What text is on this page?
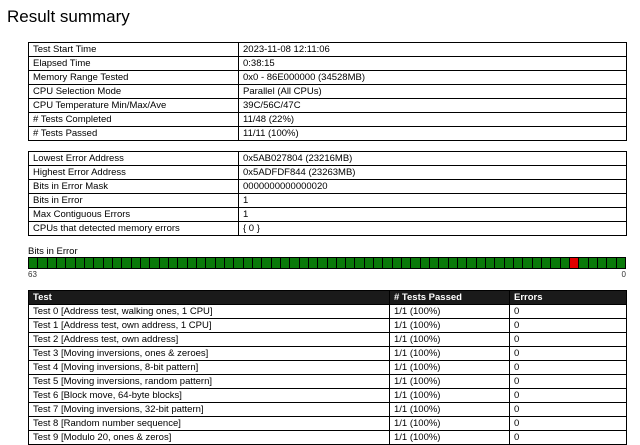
Result summary
Test Start Time	2023-11-08 12:11:06
Elapsed Time	0:38:15
Memory Range Tested	0x0 - 86E000000 (34528MB)
CPU Selection Mode	Parallel (All CPUs)
CPU Temperature Min/Max/Ave	39C/56C/47C
# Tests Completed	11/48 (22%)
# Tests Passed	11/11 (100%)
Lowest Error Address	0x5AB027804 (23216MB)
Highest Error Address	0x5ADFDF844 (23263MB)
Bits in Error Mask	0000000000000020
Bits in Error	1
Max Contiguous Errors	1
CPUs that detected memory errors	{ 0 }
Bits in Error
63	0
Test	# Tests Passed	Errors
Test 0 [Address test, walking ones, 1 CPU]	1/1 (100%)	0
Test 1 [Address test, own address, 1 CPU]	1/1 (100%)	0
Test 2 [Address test, own address]	1/1 (100%)	0
Test 3 [Moving inversions, ones & zeroes]	1/1 (100%)	0
Test 4 [Moving inversions, 8-bit pattern]	1/1 (100%)	0
Test 5 [Moving inversions, random pattern]	1/1 (100%)	0
Test 6 [Block move, 64-byte blocks]	1/1 (100%)	0
Test 7 [Moving inversions, 32-bit pattern]	1/1 (100%)	0
Test 8 [Random number sequence]	1/1 (100%)	0
Test 9 [Modulo 20, ones & zeros]	1/1 (100%)	0
